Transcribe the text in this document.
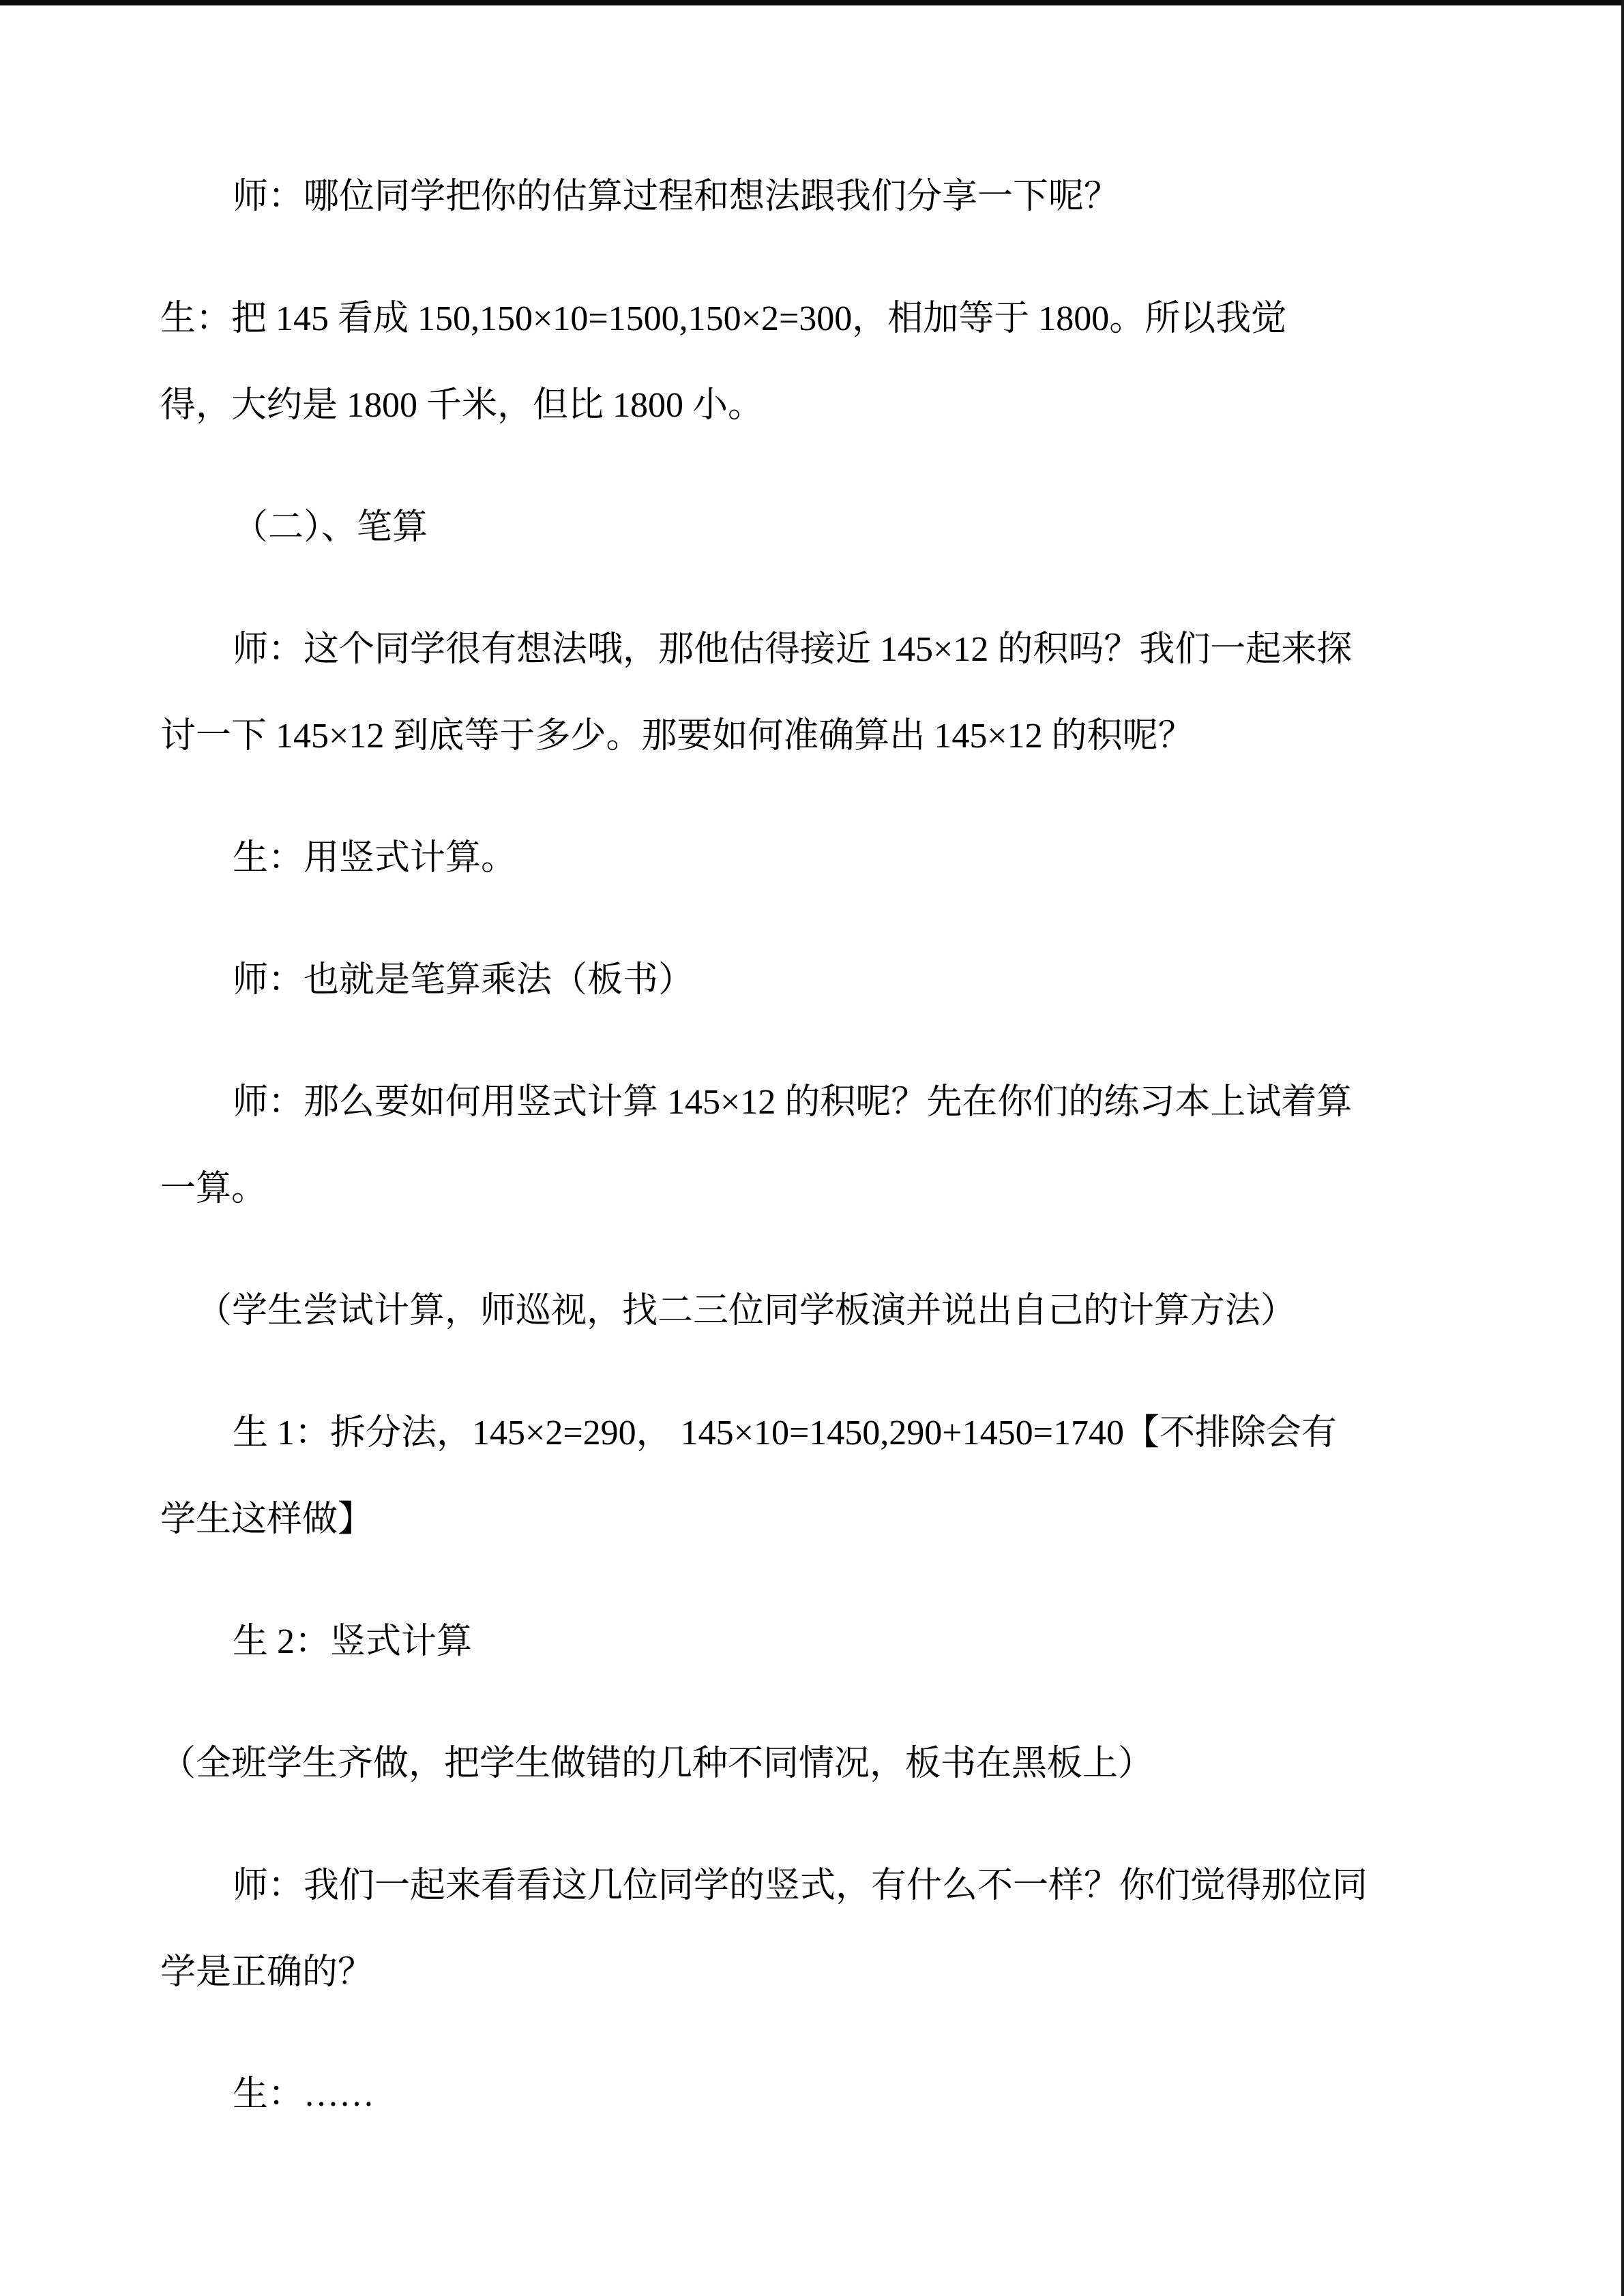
师：哪位同学把你的估算过程和想法跟我们分享一下呢？
生：把 145 看成 150,150×10=1500,150×2=300，相加等于 1800。所以我觉
得，大约是 1800 千米，但比 1800 小。
（二）、笔算
师：这个同学很有想法哦，那他估得接近 145×12 的积吗？我们一起来探
讨一下 145×12 到底等于多少。那要如何准确算出 145×12 的积呢？
生：用竖式计算。
师：也就是笔算乘法（板书）
师：那么要如何用竖式计算 145×12 的积呢？先在你们的练习本上试着算
一算。
（学生尝试计算，师巡视，找二三位同学板演并说出自己的计算方法）
生 1：拆分法，145×2=290， 145×10=1450,290+1450=1740【不排除会有
学生这样做】
生 2：竖式计算
（全班学生齐做，把学生做错的几种不同情况，板书在黑板上）
师：我们一起来看看这几位同学的竖式，有什么不一样？你们觉得那位同
学是正确的？
生：……
